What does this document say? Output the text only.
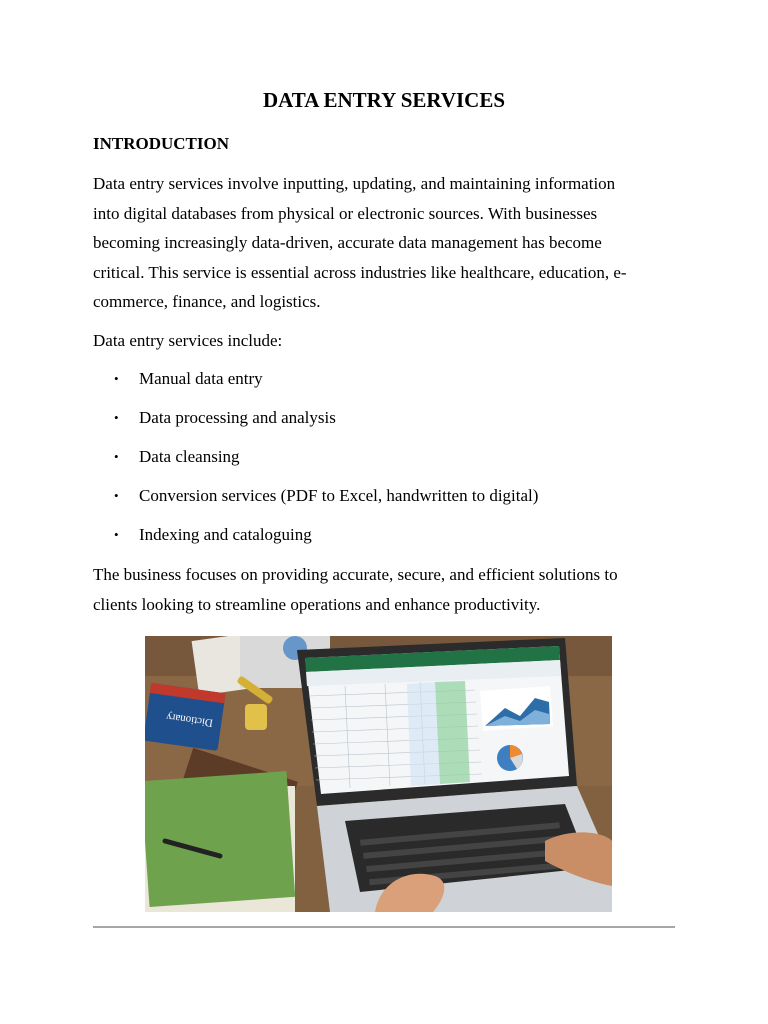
DATA ENTRY SERVICES
INTRODUCTION

Data entry services involve inputting, updating, and maintaining information
into digital databases from physical or electronic sources. With businesses
becoming increasingly data-driven, accurate data management has become
critical. This service is essential across industries like healthcare, education, e-
commerce, finance, and logistics.

Data entry services include:

• Manual data entry
• Data processing and analysis
• Data cleansing
• Conversion services (PDF to Excel, handwritten to digital)
• Indexing and cataloguing

The business focuses on providing accurate, secure, and efficient solutions to
clients looking to streamline operations and enhance productivity.

Dictionary
